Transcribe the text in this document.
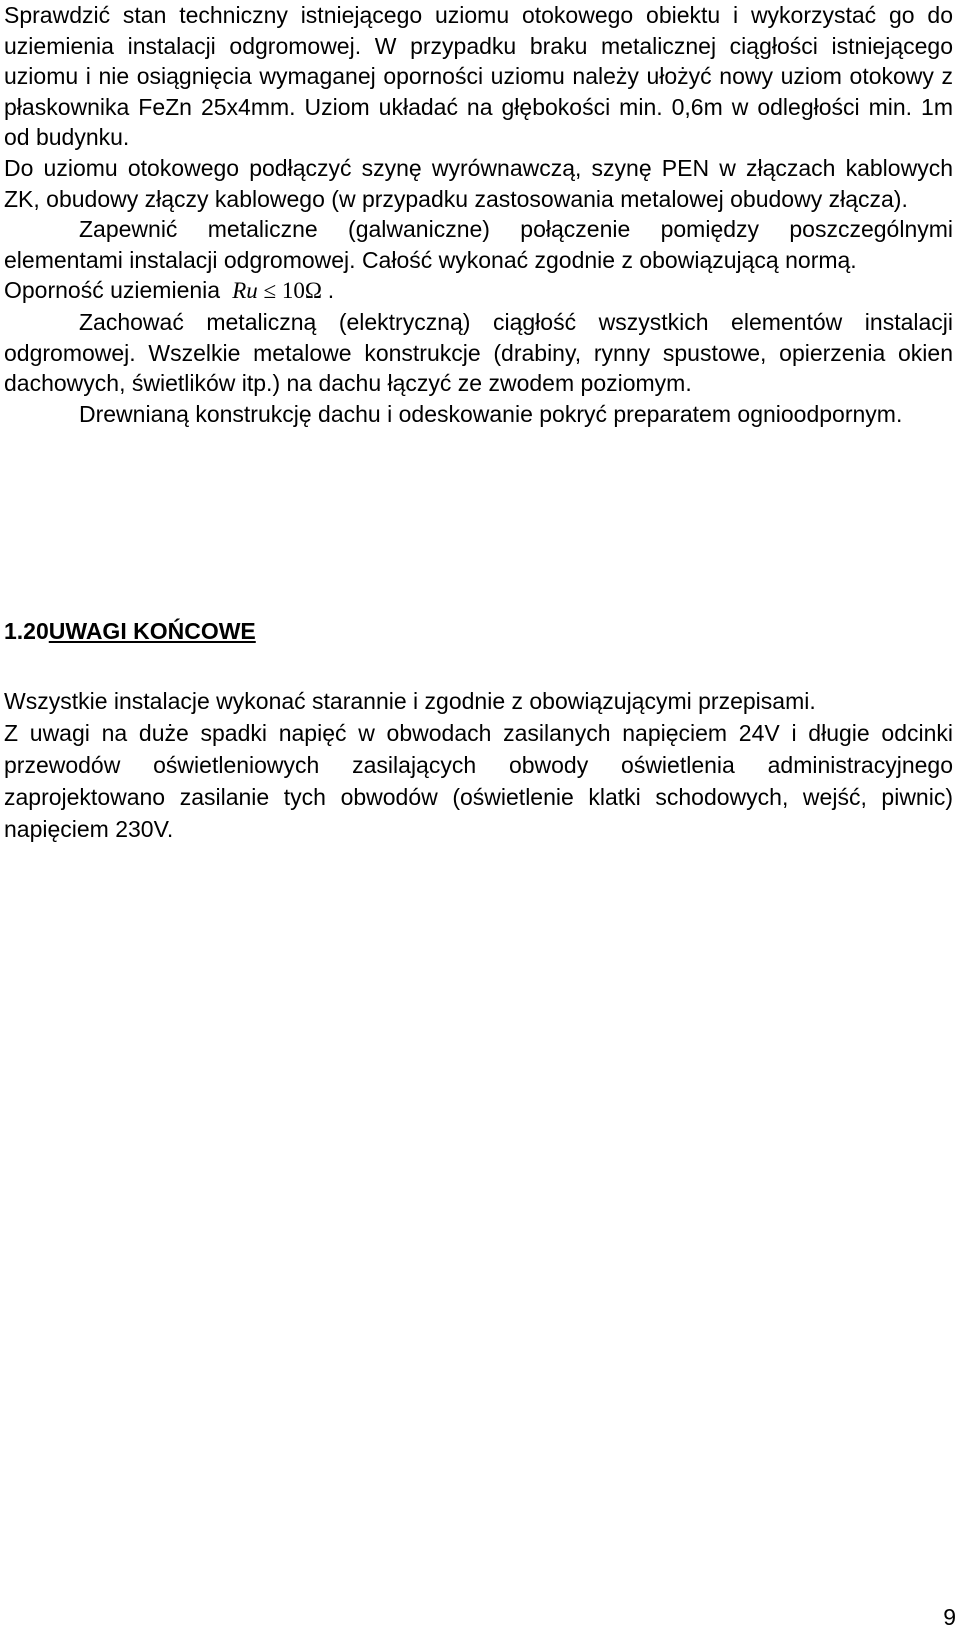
Sprawdzić stan techniczny istniejącego uziomu otokowego obiektu i wykorzystać go do uziemienia instalacji odgromowej. W przypadku braku metalicznej ciągłości istniejącego uziomu i nie osiągnięcia wymaganej oporności uziomu należy ułożyć nowy uziom otokowy z płaskownika FeZn 25x4mm. Uziom układać na głębokości min. 0,6m w odległości min. 1m od budynku.

Do uziomu otokowego podłączyć szynę wyrównawczą, szynę PEN w złączach kablowych ZK, obudowy złączy kablowego (w przypadku zastosowania metalowej obudowy złącza).

Zapewnić metaliczne (galwaniczne) połączenie pomiędzy poszczególnymi elementami instalacji odgromowej. Całość wykonać zgodnie z obowiązującą normą.

Oporność uziemienia Ru ≤ 10Ω .

Zachować metaliczną (elektryczną) ciągłość wszystkich elementów instalacji odgromowej. Wszelkie metalowe konstrukcje (drabiny, rynny spustowe, opierzenia okien dachowych, świetlików itp.) na dachu łączyć ze zwodem poziomym.

Drewnianą konstrukcję dachu i odeskowanie pokryć preparatem ognioodpornym.

1.20UWAGI KOŃCOWE

Wszystkie instalacje wykonać starannie i zgodnie z obowiązującymi przepisami.

Z uwagi na duże spadki napięć w obwodach zasilanych napięciem 24V i długie odcinki przewodów oświetleniowych zasilających obwody oświetlenia administracyjnego zaprojektowano zasilanie tych obwodów (oświetlenie klatki schodowych, wejść, piwnic) napięciem 230V.

9
